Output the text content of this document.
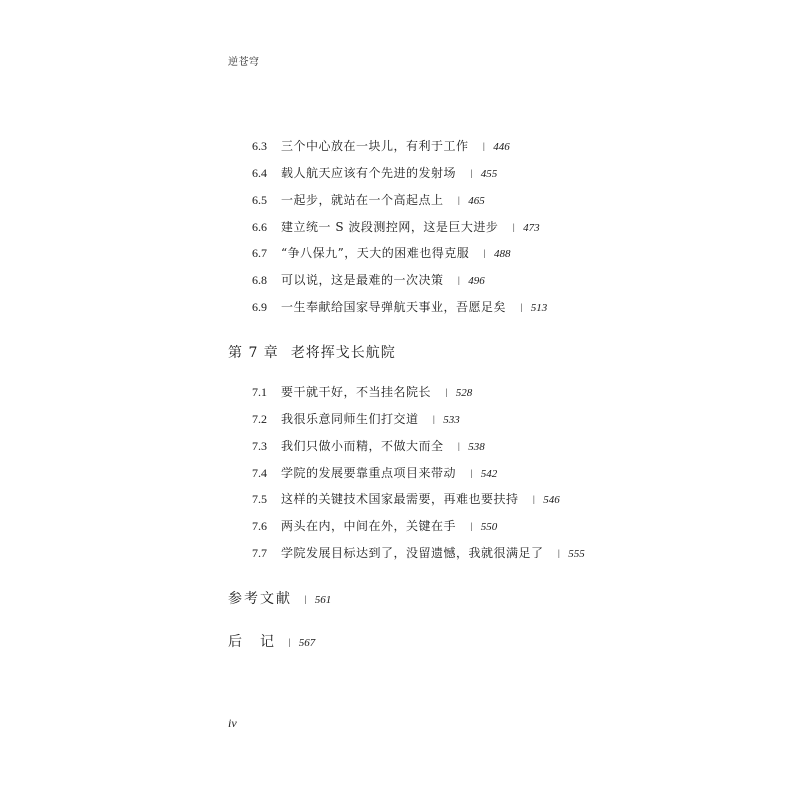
逆苍穹
6.3 三个中心放在一块儿，有利于工作 | 446
6.4 载人航天应该有个先进的发射场 | 455
6.5 一起步，就站在一个高起点上 | 465
6.6 建立统一 S 波段测控网，这是巨大进步 | 473
6.7 “争八保九”，天大的困难也得克服 | 488
6.8 可以说，这是最难的一次决策 | 496
6.9 一生奉献给国家导弹航天事业，吾愿足矣 | 513
第 7 章 老将挥戈长航院
7.1 要干就干好，不当挂名院长 | 528
7.2 我很乐意同师生们打交道 | 533
7.3 我们只做小而精，不做大而全 | 538
7.4 学院的发展要靠重点项目来带动 | 542
7.5 这样的关键技术国家最需要，再难也要扶持 | 546
7.6 两头在内，中间在外，关键在手 | 550
7.7 学院发展目标达到了，没留遗憾，我就很满足了 | 555
参考文献 | 561
后　记 | 567
iv
